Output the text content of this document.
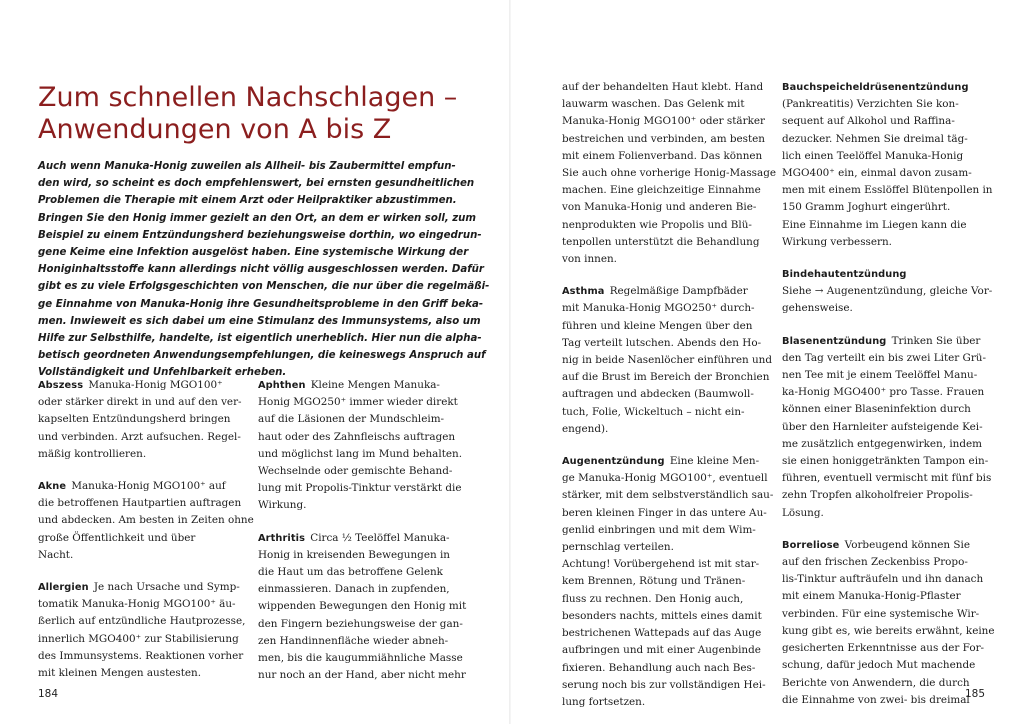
Zum schnellen Nachschlagen –
Anwendungen von A bis Z
Auch wenn Manuka-Honig zuweilen als Allheil- bis Zaubermittel empfun-
den wird, so scheint es doch empfehlenswert, bei ernsten gesundheitlichen
Problemen die Therapie mit einem Arzt oder Heilpraktiker abzustimmen.
Bringen Sie den Honig immer gezielt an den Ort, an dem er wirken soll, zum
Beispiel zu einem Entzündungsherd beziehungsweise dorthin, wo eingedrun-
gene Keime eine Infektion ausgelöst haben. Eine systemische Wirkung der
Honiginhaltsstoffe kann allerdings nicht völlig ausgeschlossen werden. Dafür
gibt es zu viele Erfolgsgeschichten von Menschen, die nur über die regelmäßi-
ge Einnahme von Manuka-Honig ihre Gesundheitsprobleme in den Griff beka-
men. Inwieweit es sich dabei um eine Stimulanz des Immunsystems, also um
Hilfe zur Selbsthilfe, handelte, ist eigentlich unerheblich. Hier nun die alpha-
betisch geordneten Anwendungsempfehlungen, die keineswegs Anspruch auf
Vollständigkeit und Unfehlbarkeit erheben.
Abszess  Manuka-Honig MGO100⁺
oder stärker direkt in und auf den ver-
kapselten Entzündungsherd bringen
und verbinden. Arzt aufsuchen. Regel-
mäßig kontrollieren.
Akne  Manuka-Honig MGO100⁺ auf
die betroffenen Hautpartien auftragen
und abdecken. Am besten in Zeiten ohne
große Öffentlichkeit und über
Nacht.
Allergien  Je nach Ursache und Symp-
tomatik Manuka-Honig MGO100⁺ äu-
ßerlich auf entzündliche Hautprozesse,
innerlich MGO400⁺ zur Stabilisierung
des Immunsystems. Reaktionen vorher
mit kleinen Mengen austesten.
Aphthen  Kleine Mengen Manuka-
Honig MGO250⁺ immer wieder direkt
auf die Läsionen der Mundschleim-
haut oder des Zahnfleischs auftragen
und möglichst lang im Mund behalten.
Wechselnde oder gemischte Behand-
lung mit Propolis-Tinktur verstärkt die
Wirkung.
Arthritis  Circa ½ Teelöffel Manuka-
Honig in kreisenden Bewegungen in
die Haut um das betroffene Gelenk
einmassieren. Danach in zupfenden,
wippenden Bewegungen den Honig mit
den Fingern beziehungsweise der gan-
zen Handinnenfläche wieder abneh-
men, bis die kaugummiähnliche Masse
nur noch an der Hand, aber nicht mehr
auf der behandelten Haut klebt. Hand
lauwarm waschen. Das Gelenk mit
Manuka-Honig MGO100⁺ oder stärker
bestreichen und verbinden, am besten
mit einem Folienverband. Das können
Sie auch ohne vorherige Honig-Massage
machen. Eine gleichzeitige Einnahme
von Manuka-Honig und anderen Bie-
nenprodukten wie Propolis und Blü-
tenpollen unterstützt die Behandlung
von innen.
Asthma  Regelmäßige Dampfbäder
mit Manuka-Honig MGO250⁺ durch-
führen und kleine Mengen über den
Tag verteilt lutschen. Abends den Ho-
nig in beide Nasenlöcher einführen und
auf die Brust im Bereich der Bronchien
auftragen und abdecken (Baumwoll-
tuch, Folie, Wickeltuch – nicht ein-
engend).
Augenentzündung  Eine kleine Men-
ge Manuka-Honig MGO100⁺, eventuell
stärker, mit dem selbstverständlich sau-
beren kleinen Finger in das untere Au-
genlid einbringen und mit dem Wim-
pernschlag verteilen.
Achtung! Vorübergehend ist mit star-
kem Brennen, Rötung und Tränen-
fluss zu rechnen. Den Honig auch,
besonders nachts, mittels eines damit
bestrichenen Wattepads auf das Auge
aufbringen und mit einer Augenbinde
fixieren. Behandlung auch nach Bes-
serung noch bis zur vollständigen Hei-
lung fortsetzen.
Bauchspeicheldrüsenentzündung
(Pankreatitis) Verzichten Sie kon-
sequent auf Alkohol und Raffina-
dezucker. Nehmen Sie dreimal täg-
lich einen Teelöffel Manuka-Honig
MGO400⁺ ein, einmal davon zusam-
men mit einem Esslöffel Blütenpollen in
150 Gramm Joghurt eingerührt.
Eine Einnahme im Liegen kann die
Wirkung verbessern.
Bindehautentzündung
Siehe → Augenentzündung, gleiche Vor-
gehensweise.
Blasenentzündung  Trinken Sie über
den Tag verteilt ein bis zwei Liter Grü-
nen Tee mit je einem Teelöffel Manu-
ka-Honig MGO400⁺ pro Tasse. Frauen
können einer Blaseninfektion durch
über den Harnleiter aufsteigende Kei-
me zusätzlich entgegenwirken, indem
sie einen honiggetränkten Tampon ein-
führen, eventuell vermischt mit fünf bis
zehn Tropfen alkoholfreier Propolis-
Lösung.
Borreliose  Vorbeugend können Sie
auf den frischen Zeckenbiss Propo-
lis-Tinktur aufträufeln und ihn danach
mit einem Manuka-Honig-Pflaster
verbinden. Für eine systemische Wir-
kung gibt es, wie bereits erwähnt, keine
gesicherten Erkenntnisse aus der For-
schung, dafür jedoch Mut machende
Berichte von Anwendern, die durch
die Einnahme von zwei- bis dreimal
184	185
